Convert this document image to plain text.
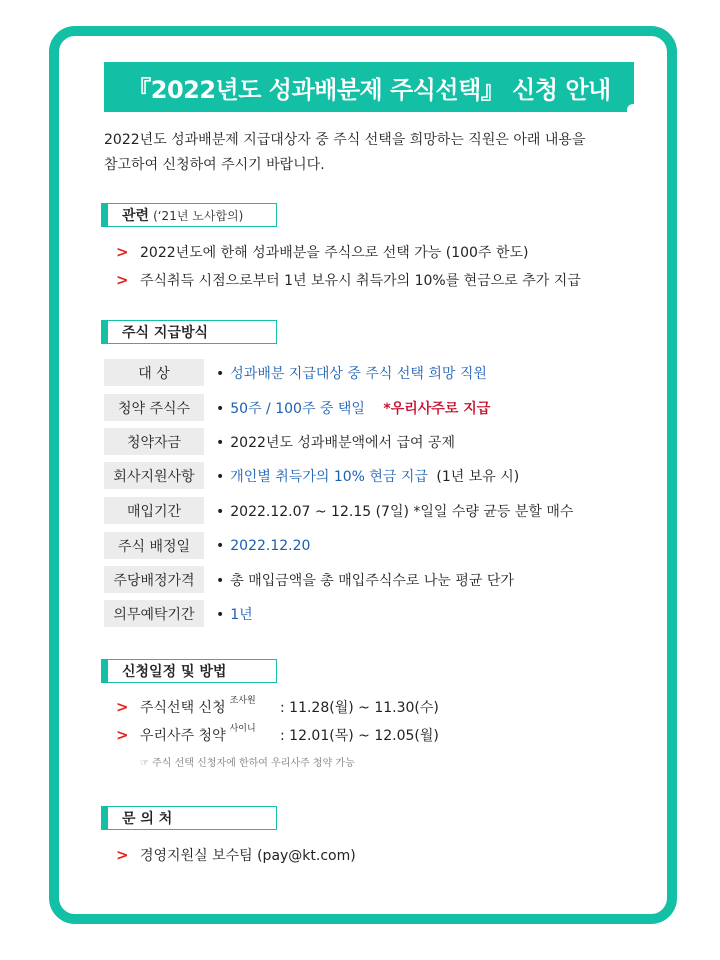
『2022년도 성과배분제 주식선택』 신청 안내
2022년도 성과배분제 지급대상자 중 주식 선택을 희망하는 직원은 아래 내용을
참고하여 신청하여 주시기 바랍니다.
관련 (‘21년 노사합의)
> 2022년도에 한해 성과배분을 주식으로 선택 가능 (100주 한도)
> 주식취득 시점으로부터 1년 보유시 취득가의 10%를 현금으로 추가 지급
주식 지급방식
대 상	• 성과배분 지급대상 중 주식 선택 희망 직원
청약 주식수	• 50주 / 100주 중 택일 *우리사주로 지급
청약자금	• 2022년도 성과배분액에서 급여 공제
회사지원사항	• 개인별 취득가의 10% 현금 지급 (1년 보유 시)
매입기간	• 2022.12.07 ~ 12.15 (7일) *일일 수량 균등 분할 매수
주식 배정일	• 2022.12.20
주당배정가격	• 총 매입금액을 총 매입주식수로 나눈 평균 단가
의무예탁기간	• 1년
신청일정 및 방법
> 주식선택 신청 $^{조사원}$	: 11.28(월) ~ 11.30(수)
> 우리사주 청약 $^{사이니}$	: 12.01(목) ~ 12.05(월)
☞ 주식 선택 신청자에 한하여 우리사주 청약 가능
문 의 처
> 경영지원실 보수팀 (pay@kt.com)
